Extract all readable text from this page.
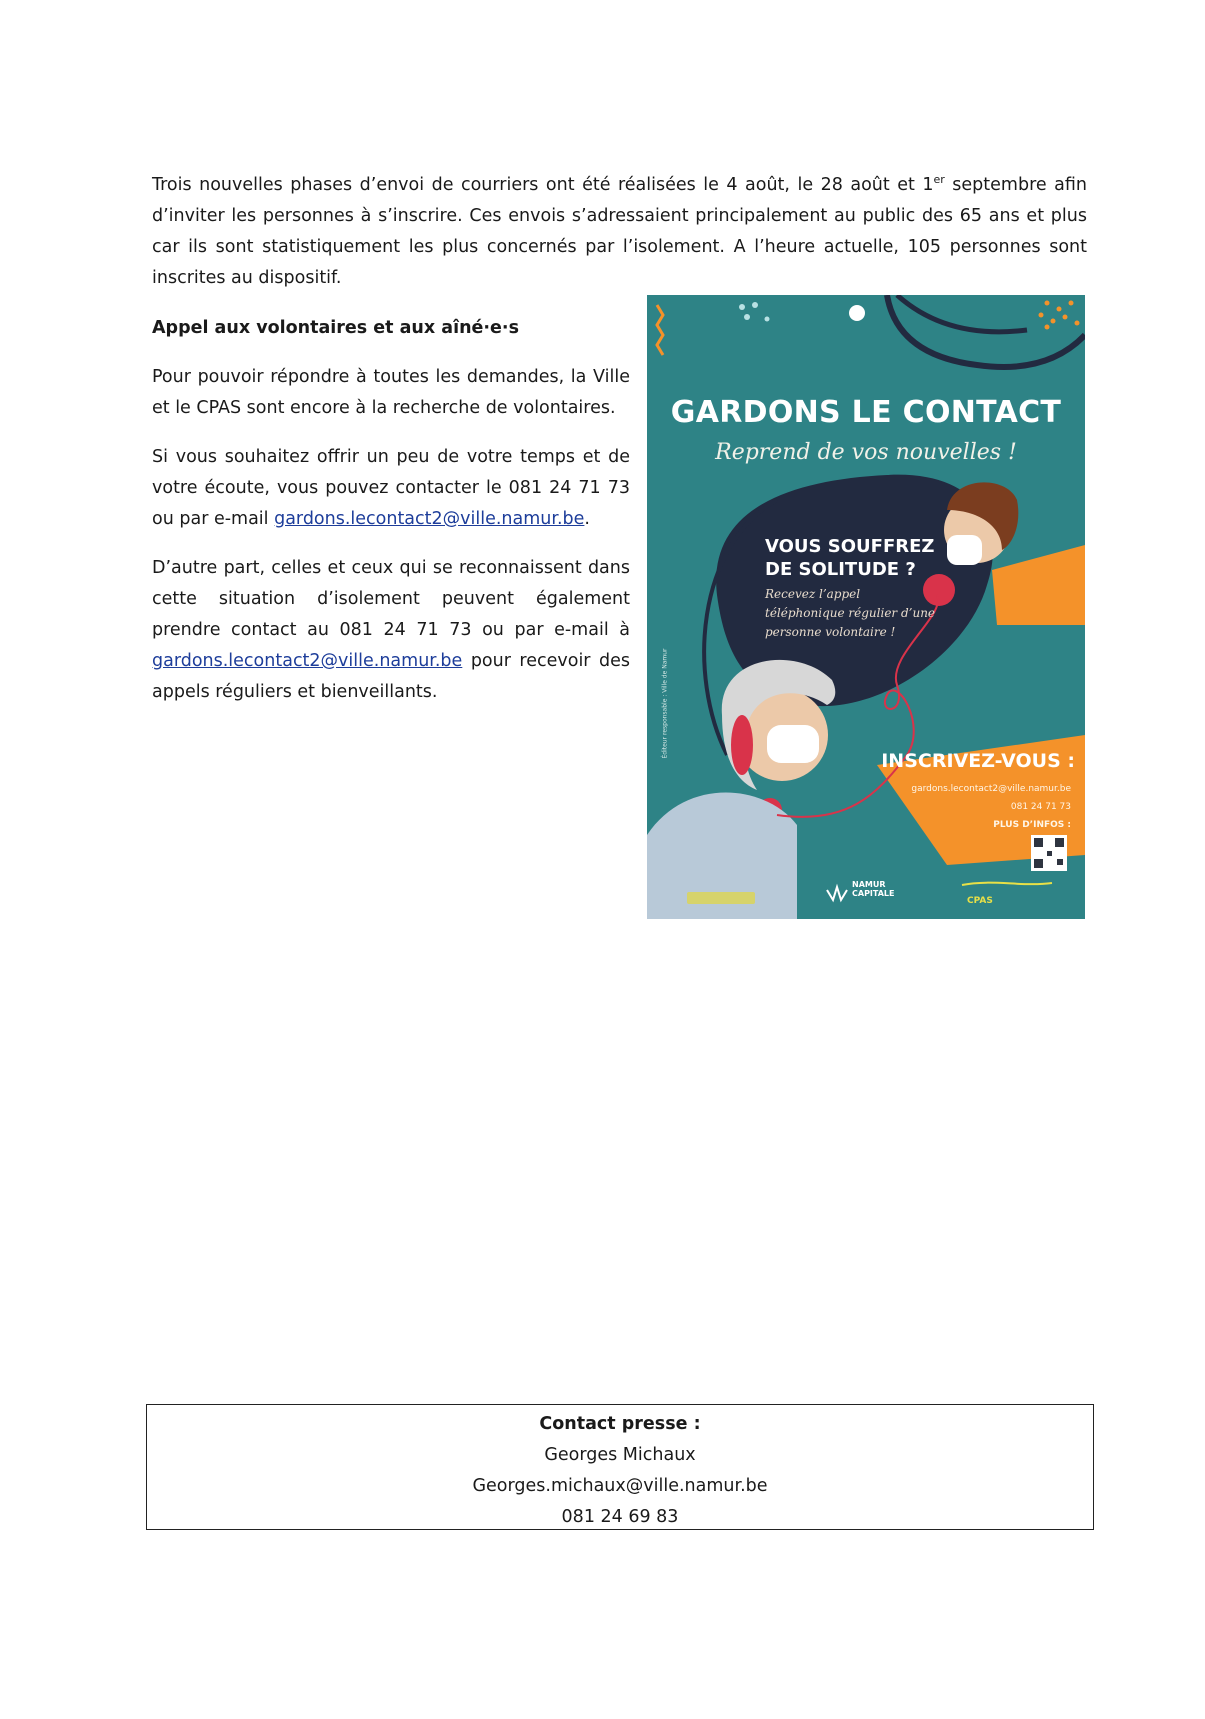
Trois nouvelles phases d’envoi de courriers ont été réalisées le 4 août, le 28 août et 1er septembre afin d’inviter les personnes à s’inscrire. Ces envois s’adressaient principalement au public des 65 ans et plus car ils sont statistiquement les plus concernés par l’isolement. A l’heure actuelle, 105 personnes sont inscrites au dispositif.

Appel aux volontaires et aux aîné·e·s

Pour pouvoir répondre à toutes les demandes, la Ville et le CPAS sont encore à la recherche de volontaires.

Si vous souhaitez offrir un peu de votre temps et de votre écoute, vous pouvez contacter le 081 24 71 73 ou par e-mail gardons.lecontact2@ville.namur.be.

D’autre part, celles et ceux qui se reconnaissent dans cette situation d’isolement peuvent également prendre contact au 081 24 71 73 ou par e-mail à gardons.lecontact2@ville.namur.be pour recevoir des appels réguliers et bienveillants.

GARDONS LE CONTACT
Reprend de vos nouvelles !
VOUS SOUFFREZ DE SOLITUDE ?
Recevez l’appel téléphonique régulier d’une personne volontaire !
INSCRIVEZ-VOUS :
gardons.lecontact2@ville.namur.be
081 24 71 73
PLUS D’INFOS :
Éditeur responsable : Ville de Namur
NAMUR CAPITALE
CPAS
Contact presse :
Georges Michaux
Georges.michaux@ville.namur.be
081 24 69 83
